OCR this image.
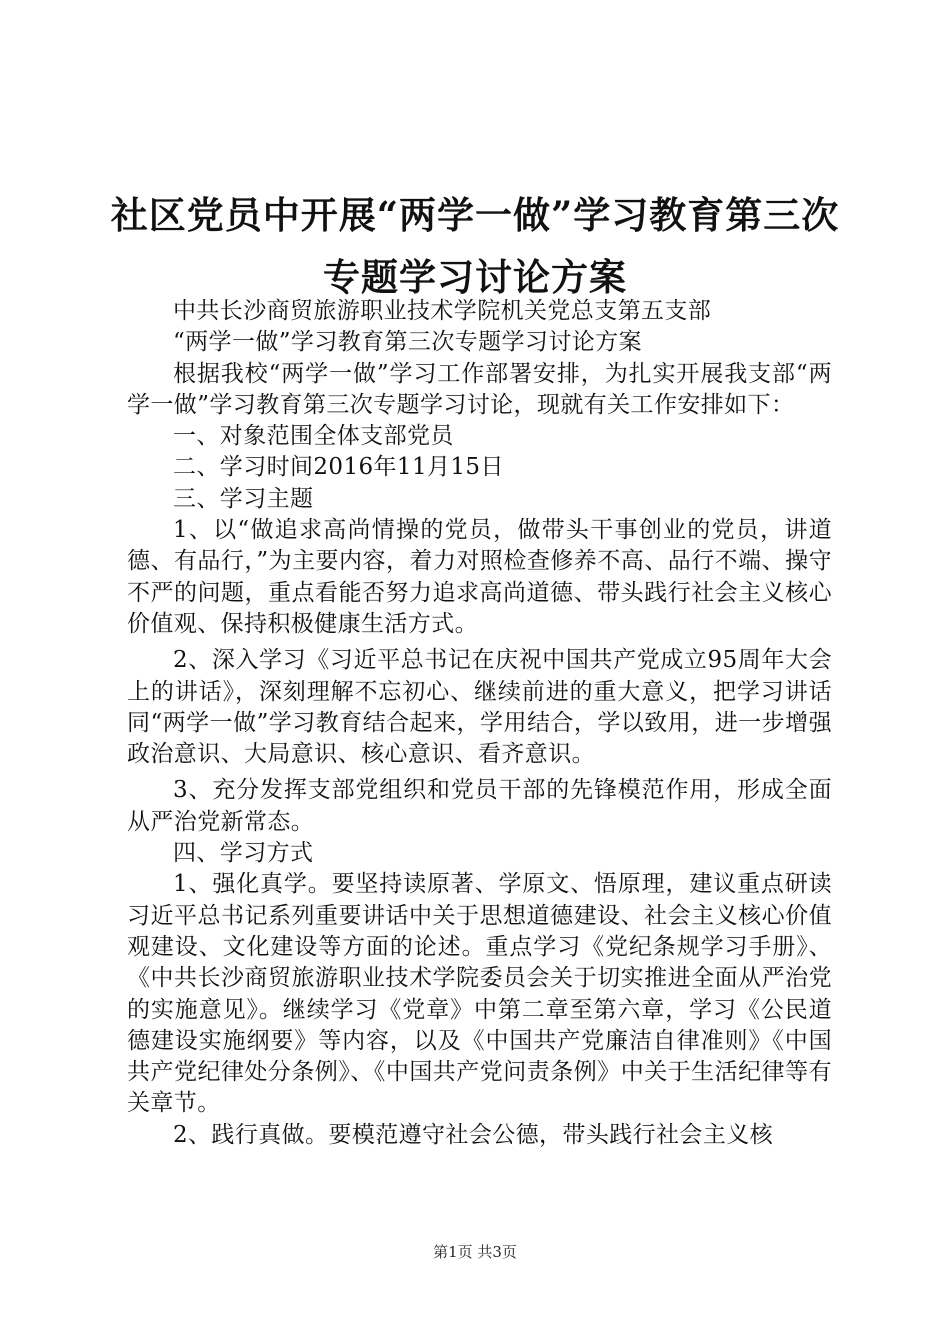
社区党员中开展“两学一做”学习教育第三次
专题学习讨论方案

中共长沙商贸旅游职业技术学院机关党总支第五支部

“两学一做”学习教育第三次专题学习讨论方案

根据我校“两学一做”学习工作部署安排，为扎实开展我支部“两学一做”学习教育第三次专题学习讨论，现就有关工作安排如下：

一、对象范围全体支部党员

二、学习时间2016年11月15日

三、学习主题

1、以“做追求高尚情操的党员，做带头干事创业的党员，讲道德、有品行，”为主要内容，着力对照检查修养不高、品行不端、操守不严的问题，重点看能否努力追求高尚道德、带头践行社会主义核心价值观、保持积极健康生活方式。

2、深入学习《习近平总书记在庆祝中国共产党成立95周年大会上的讲话》，深刻理解不忘初心、继续前进的重大意义，把学习讲话同“两学一做”学习教育结合起来，学用结合，学以致用，进一步增强政治意识、大局意识、核心意识、看齐意识。

3、充分发挥支部党组织和党员干部的先锋模范作用，形成全面从严治党新常态。

四、学习方式

1、强化真学。要坚持读原著、学原文、悟原理，建议重点研读习近平总书记系列重要讲话中关于思想道德建设、社会主义核心价值观建设、文化建设等方面的论述。重点学习《党纪条规学习手册》、《中共长沙商贸旅游职业技术学院委员会关于切实推进全面从严治党的实施意见》。继续学习《党章》中第二章至第六章，学习《公民道德建设实施纲要》等内容，以及《中国共产党廉洁自律准则》《中国共产党纪律处分条例》、《中国共产党问责条例》中关于生活纪律等有关章节。

2、践行真做。要模范遵守社会公德，带头践行社会主义核

第1页 共3页
